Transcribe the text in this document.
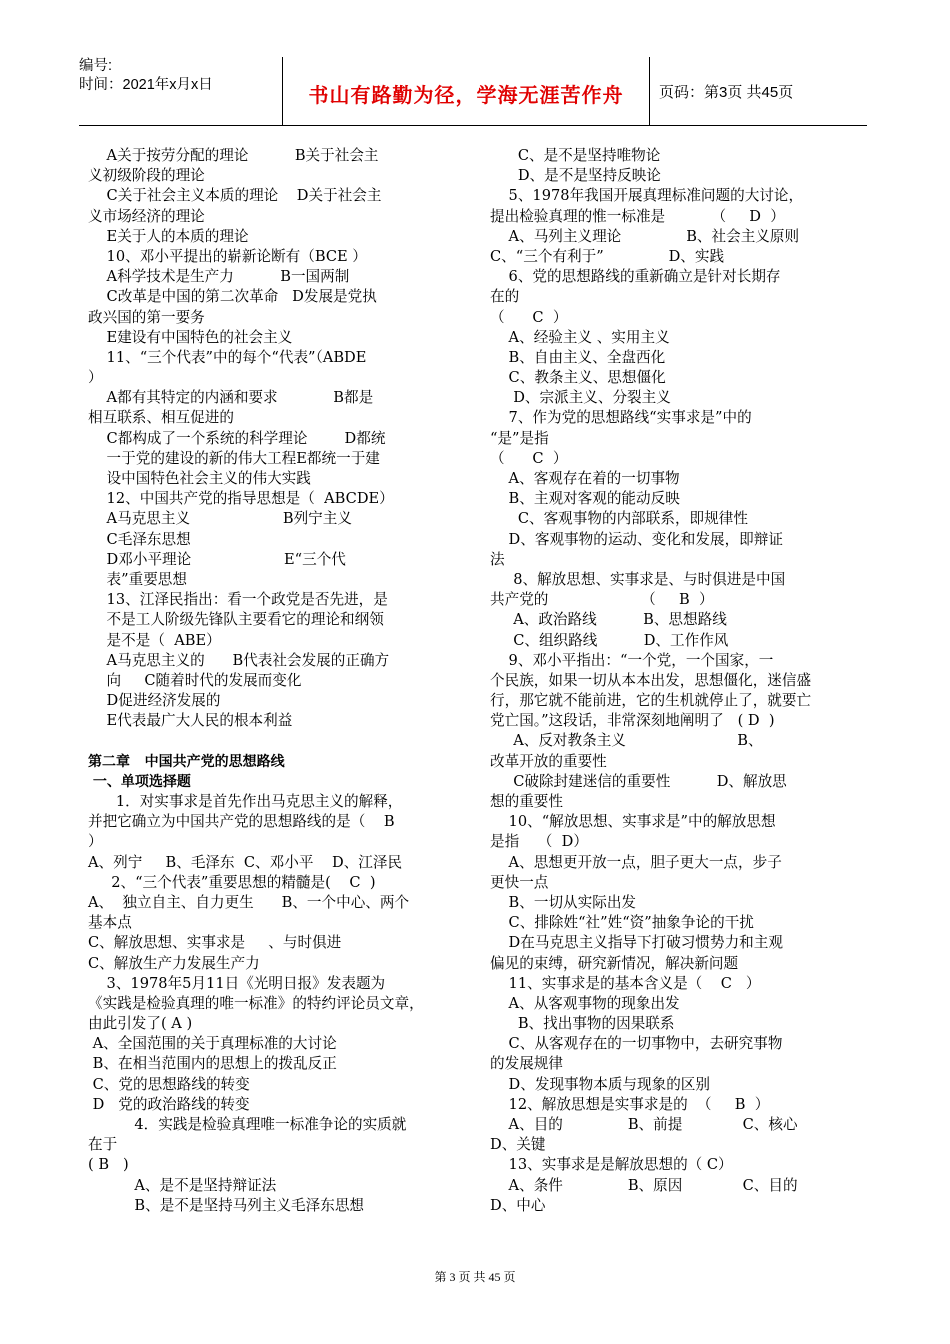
编号:
时间：2021年x月x日	书山有路勤为径，学海无涯苦作舟	页码：第3页 共45页
A关于按劳分配的理论          B关于社会主
义初级阶段的理论
C关于社会主义本质的理论    D关于社会主
义市场经济的理论
E关于人的本质的理论
10、邓小平提出的崭新论断有（BCE ）
A科学技术是生产力          B一国两制
C改革是中国的第二次革命   D发展是党执
政兴国的第一要务
E建设有中国特色的社会主义
11、“三个代表”中的每个“代表”（ABDE
）
A都有其特定的内涵和要求            B都是
相互联系、相互促进的
C都构成了一个系统的科学理论        D都统
一于党的建设的新的伟大工程E都统一于建
设中国特色社会主义的伟大实践
12、中国共产党的指导思想是（  ABCDE）
A马克思主义                    B列宁主义
C毛泽东思想
D邓小平理论                    E“三个代
表”重要思想
13、江泽民指出：看一个政党是否先进，是
不是工人阶级先锋队主要看它的理论和纲领
是不是（  ABE）
A马克思主义的      B代表社会发展的正确方
向     C随着时代的发展而变化
D促进经济发展的
E代表最广大人民的根本利益
第二章   中国共产党的思想路线
一、单项选择题
1．对实事求是首先作出马克思主义的解释，
并把它确立为中国共产党的思想路线的是（    B
）
A、列宁     B、毛泽东  C、邓小平    D、江泽民
2、“三个代表”重要思想的精髓是(    C  )
A、  独立自主、自力更生      B、一个中心、两个
基本点
C、解放思想、实事求是     、与时俱进
C、解放生产力发展生产力
3、1978年5月11日《光明日报》发表题为
《实践是检验真理的唯一标准》的特约评论员文章，
由此引发了( A )
A、全国范围的关于真理标准的大讨论
B、在相当范围内的思想上的拨乱反正
C、党的思想路线的转变
D   党的政治路线的转变
4．实践是检验真理唯一标准争论的实质就
在于
( B   )
A、是不是坚持辩证法
B、是不是坚持马列主义毛泽东思想
C、是不是坚持唯物论
D、是不是坚持反映论
5、1978年我国开展真理标准问题的大讨论，
提出检验真理的惟一标准是          （     D  ）
A、马列主义理论              B、社会主义原则
C、“三个有利于”              D、实践
6、党的思想路线的重新确立是针对长期存
在的
（      C  ）
A、经验主义 、实用主义
B、自由主义、全盘西化
C、教条主义、思想僵化
D、宗派主义、分裂主义
7、作为党的思想路线“实事求是”中的
“是”是指
（      C  ）
A、客观存在着的一切事物
B、主观对客观的能动反映
C、客观事物的内部联系，即规律性
D、客观事物的运动、变化和发展，即辩证
法
8、解放思想、实事求是、与时俱进是中国
共产党的                    （     B  ）
A、政治路线          B、思想路线
C、组织路线          D、工作作风
9、邓小平指出：“一个党，一个国家，一
个民族，如果一切从本本出发，思想僵化，迷信盛
行，那它就不能前进，它的生机就停止了，就要亡
党亡国。”这段话，非常深刻地阐明了   ( D  )
A、反对教条主义                        B、
改革开放的重要性
C破除封建迷信的重要性          D、解放思
想的重要性
10、“解放思想、实事求是”中的解放思想
是指    （  D）
A、思想更开放一点，胆子更大一点，步子
更快一点
B、一切从实际出发
C、排除姓“社”姓“资”抽象争论的干扰
D在马克思主义指导下打破习惯势力和主观
偏见的束缚，研究新情况，解决新问题
11、实事求是的基本含义是（    C   ）
A、从客观事物的现象出发
B、找出事物的因果联系
C、从客观存在的一切事物中，去研究事物
的发展规律
D、发现事物本质与现象的区别
12、解放思想是实事求是的  （     B  ）
A、目的              B、前提             C、核心
D、关键
13、实事求是是解放思想的（ C）
A、条件              B、原因             C、目的
D、中心
第 3 页 共 45 页
